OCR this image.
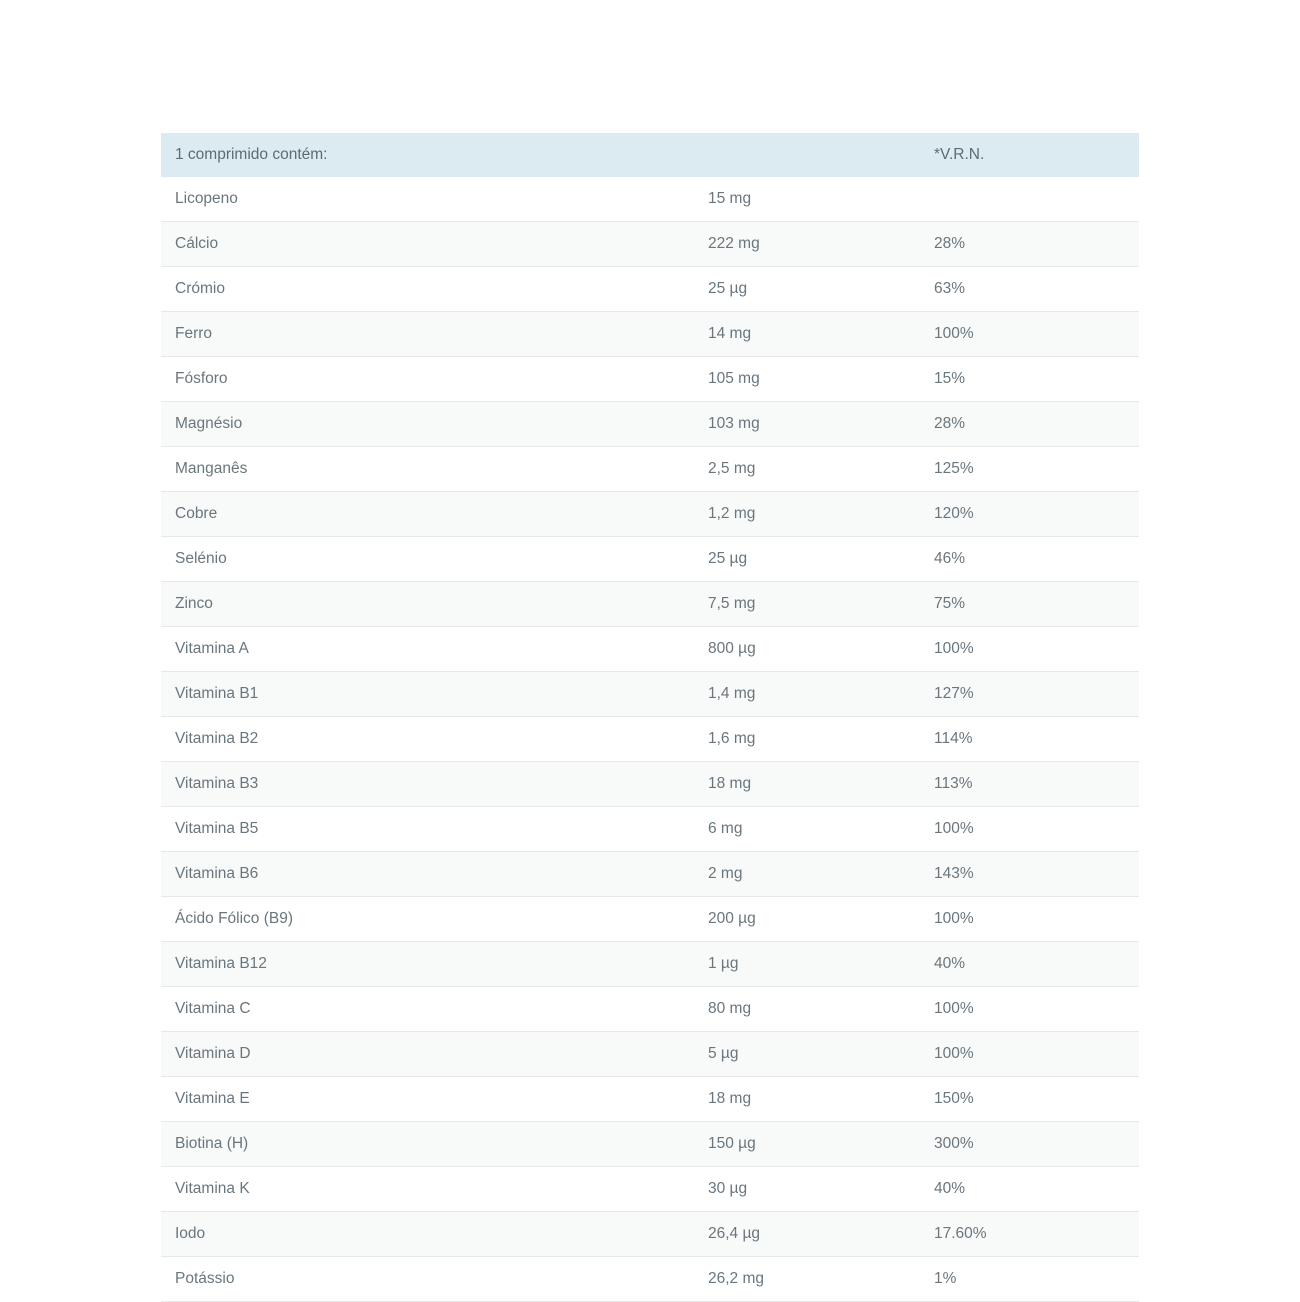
1 comprimido contém:		*V.R.N.
Licopeno	15 mg	
Cálcio	222 mg	28%
Crómio	25 µg	63%
Ferro	14 mg	100%
Fósforo	105 mg	15%
Magnésio	103 mg	28%
Manganês	2,5 mg	125%
Cobre	1,2 mg	120%
Selénio	25 µg	46%
Zinco	7,5 mg	75%
Vitamina A	800 µg	100%
Vitamina B1	1,4 mg	127%
Vitamina B2	1,6 mg	114%
Vitamina B3	18 mg	113%
Vitamina B5	6 mg	100%
Vitamina B6	2 mg	143%
Ácido Fólico (B9)	200 µg	100%
Vitamina B12	1 µg	40%
Vitamina C	80 mg	100%
Vitamina D	5 µg	100%
Vitamina E	18 mg	150%
Biotina (H)	150 µg	300%
Vitamina K	30 µg	40%
Iodo	26,4 µg	17.60%
Potássio	26,2 mg	1%
